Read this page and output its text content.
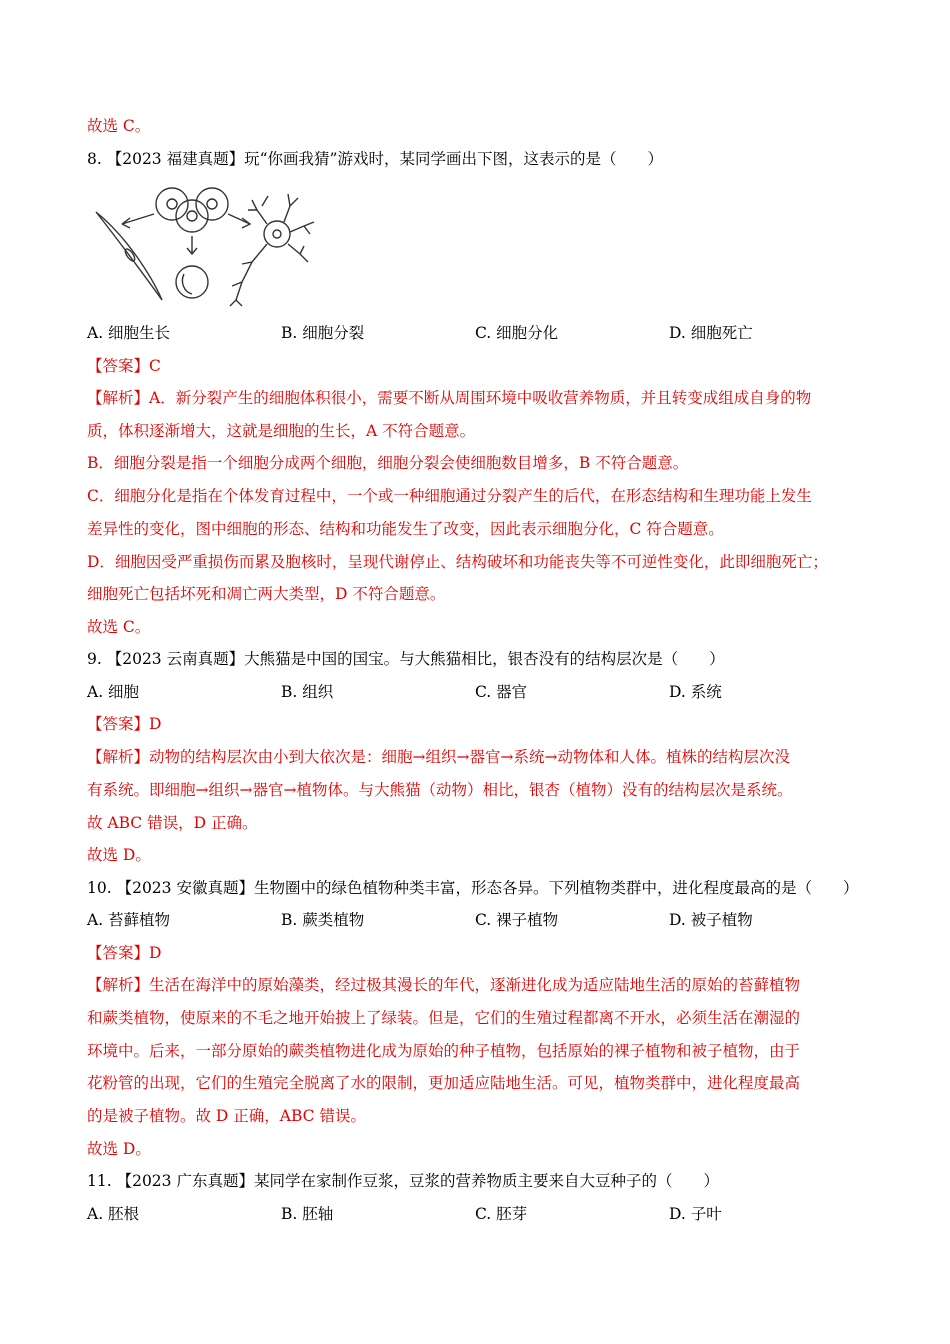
故选 C。
8. 【2023 福建真题】玩“你画我猜”游戏时，某同学画出下图，这表示的是（　　）
A. 细胞生长	B. 细胞分裂	C. 细胞分化	D. 细胞死亡
【答案】C
【解析】A．新分裂产生的细胞体积很小，需要不断从周围环境中吸收营养物质，并且转变成组成自身的物
质，体积逐渐增大，这就是细胞的生长，A 不符合题意。
B．细胞分裂是指一个细胞分成两个细胞，细胞分裂会使细胞数目增多，B 不符合题意。
C．细胞分化是指在个体发育过程中，一个或一种细胞通过分裂产生的后代，在形态结构和生理功能上发生
差异性的变化，图中细胞的形态、结构和功能发生了改变，因此表示细胞分化，C 符合题意。
D．细胞因受严重损伤而累及胞核时，呈现代谢停止、结构破坏和功能丧失等不可逆性变化，此即细胞死亡；
细胞死亡包括坏死和凋亡两大类型，D 不符合题意。
故选 C。
9. 【2023 云南真题】大熊猫是中国的国宝。与大熊猫相比，银杏没有的结构层次是（　　）
A. 细胞	B. 组织	C. 器官	D. 系统
【答案】D
【解析】动物的结构层次由小到大依次是：细胞→组织→器官→系统→动物体和人体。植株的结构层次没
有系统。即细胞→组织→器官→植物体。与大熊猫（动物）相比，银杏（植物）没有的结构层次是系统。
故 ABC 错误，D 正确。
故选 D。
10. 【2023 安徽真题】生物圈中的绿色植物种类丰富，形态各异。下列植物类群中，进化程度最高的是（　　）
A. 苔藓植物	B. 蕨类植物	C. 裸子植物	D. 被子植物
【答案】D
【解析】生活在海洋中的原始藻类，经过极其漫长的年代，逐渐进化成为适应陆地生活的原始的苔藓植物
和蕨类植物，使原来的不毛之地开始披上了绿装。但是，它们的生殖过程都离不开水，必须生活在潮湿的
环境中。后来，一部分原始的蕨类植物进化成为原始的种子植物，包括原始的裸子植物和被子植物，由于
花粉管的出现，它们的生殖完全脱离了水的限制，更加适应陆地生活。可见，植物类群中，进化程度最高
的是被子植物。故 D 正确，ABC 错误。
故选 D。
11. 【2023 广东真题】某同学在家制作豆浆，豆浆的营养物质主要来自大豆种子的（　　）
A. 胚根	B. 胚轴	C. 胚芽	D. 子叶
